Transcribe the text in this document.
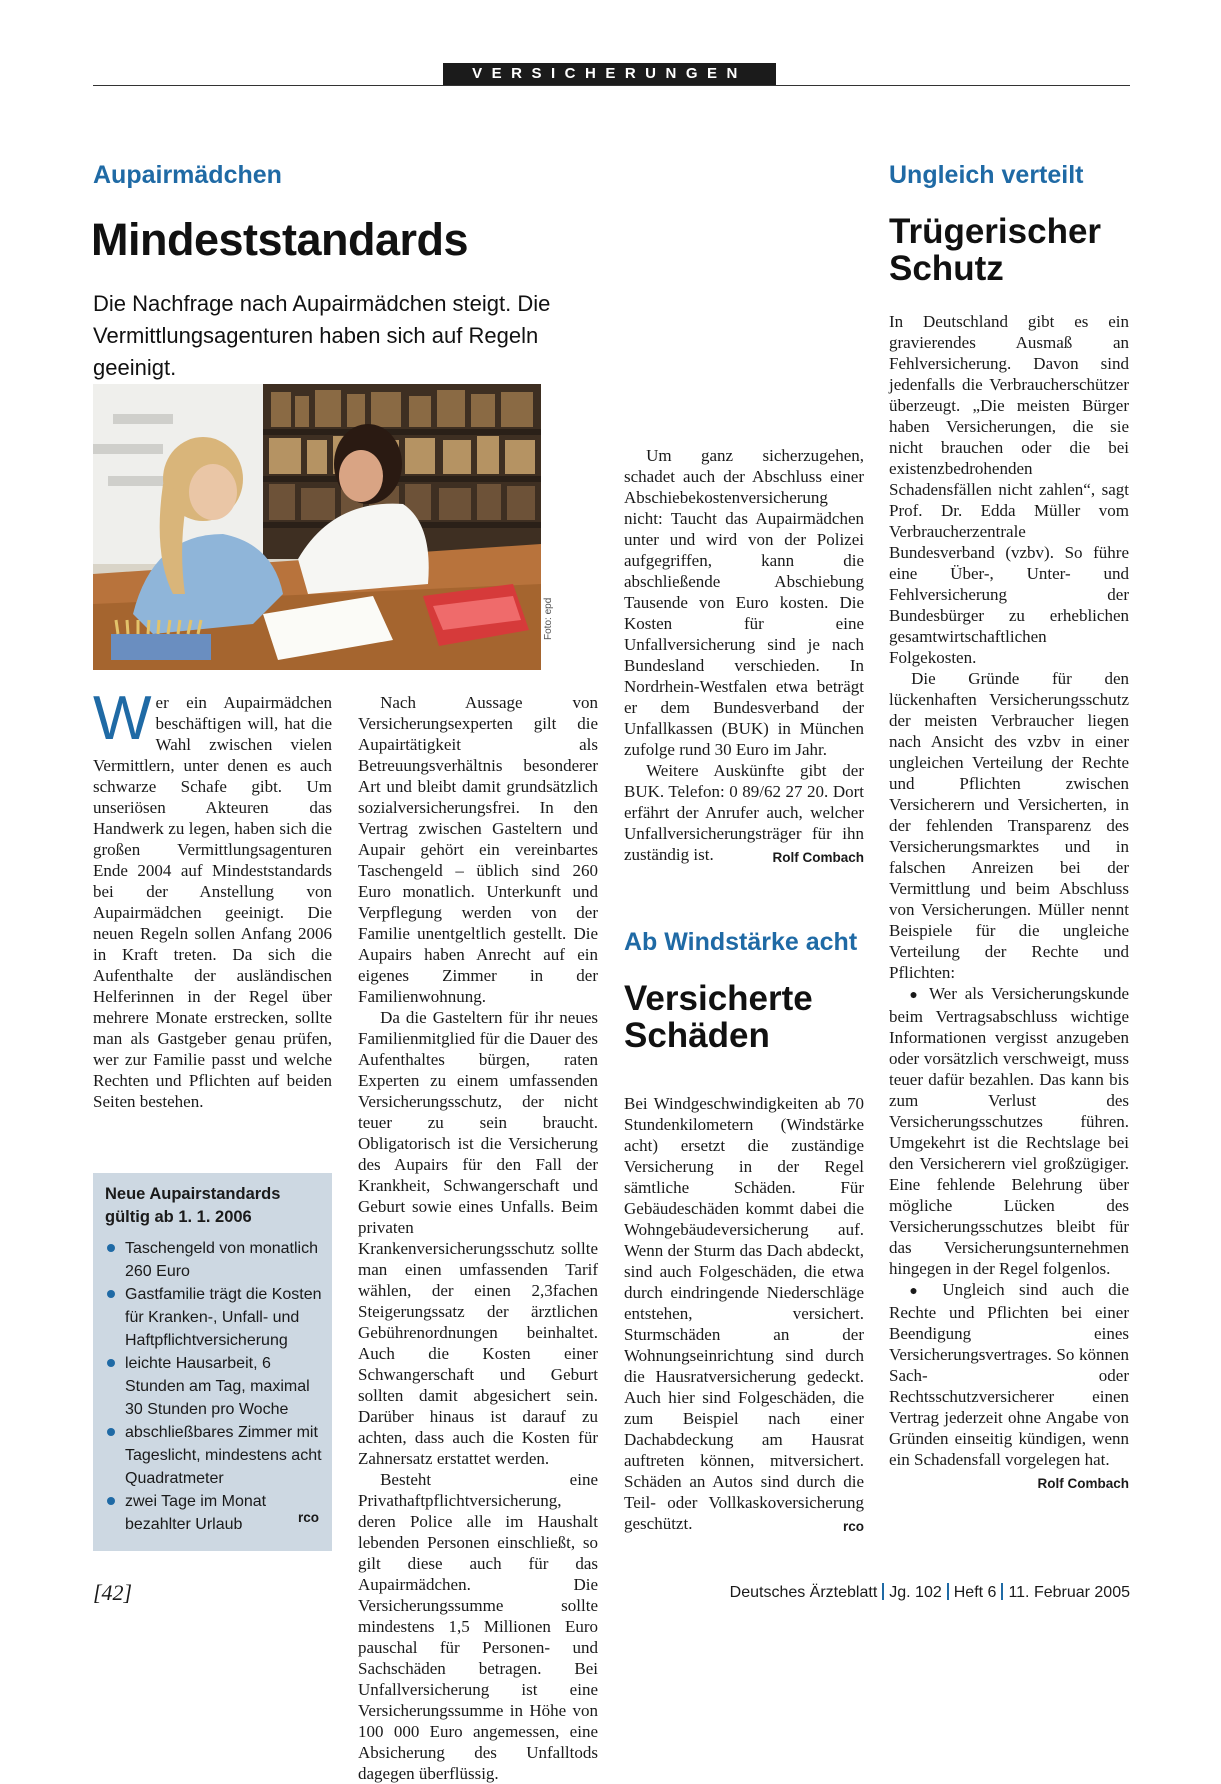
VERSICHERUNGEN
Aupairmädchen
Mindeststandards
Die Nachfrage nach Aupairmädchen steigt. Die Vermittlungsagenturen haben sich auf Regeln geeinigt.
Foto: epd

Wer ein Aupairmädchen beschäftigen will, hat die Wahl zwischen vielen Vermittlern, unter denen es auch schwarze Schafe gibt. Um unseriösen Akteuren das Handwerk zu legen, haben sich die großen Vermittlungsagenturen Ende 2004 auf Mindeststandards bei der Anstellung von Aupairmädchen geeinigt. Die neuen Regeln sollen Anfang 2006 in Kraft treten. Da sich die Aufenthalte der ausländischen Helferinnen in der Regel über mehrere Monate erstrecken, sollte man als Gastgeber genau prüfen, wer zur Familie passt und welche Rechten und Pflichten auf beiden Seiten bestehen.

Neue Aupairstandards gültig ab 1. 1. 2006
Taschengeld von monatlich 260 Euro
Gastfamilie trägt die Kosten für Kranken-, Unfall- und Haftpflichtversicherung
leichte Hausarbeit, 6 Stunden am Tag, maximal 30 Stunden pro Woche
abschließbares Zimmer mit Tageslicht, mindestens acht Quadratmeter
zwei Tage im Monat bezahlter Urlaub	rco

Nach Aussage von Versicherungsexperten gilt die Aupairtätigkeit als Betreuungsverhältnis besonderer Art und bleibt damit grundsätzlich sozialversicherungsfrei. In den Vertrag zwischen Gasteltern und Aupair gehört ein vereinbartes Taschengeld – üblich sind 260 Euro monatlich. Unterkunft und Verpflegung werden von der Familie unentgeltlich gestellt. Die Aupairs haben Anrecht auf ein eigenes Zimmer in der Familienwohnung.

Da die Gasteltern für ihr neues Familienmitglied für die Dauer des Aufenthaltes bürgen, raten Experten zu einem umfassenden Versicherungsschutz, der nicht teuer zu sein braucht. Obligatorisch ist die Versicherung des Aupairs für den Fall der Krankheit, Schwangerschaft und Geburt sowie eines Unfalls. Beim privaten Krankenversicherungsschutz sollte man einen umfassenden Tarif wählen, der einen 2,3fachen Steigerungssatz der ärztlichen Gebührenordnungen beinhaltet. Auch die Kosten einer Schwangerschaft und Geburt sollten damit abgesichert sein. Darüber hinaus ist darauf zu achten, dass auch die Kosten für Zahnersatz erstattet werden.

Besteht eine Privathaftpflichtversicherung, deren Police alle im Haushalt lebenden Personen einschließt, so gilt diese auch für das Aupairmädchen. Die Versicherungssumme sollte mindestens 1,5 Millionen Euro pauschal für Personen- und Sachschäden betragen. Bei Unfallversicherung ist eine Versicherungssumme in Höhe von 100 000 Euro angemessen, eine Absicherung des Unfalltods dagegen überflüssig.

Um ganz sicherzugehen, schadet auch der Abschluss einer Abschiebekostenversicherung nicht: Taucht das Aupairmädchen unter und wird von der Polizei aufgegriffen, kann die abschließende Abschiebung Tausende von Euro kosten. Die Kosten für eine Unfallversicherung sind je nach Bundesland verschieden. In Nordrhein-Westfalen etwa beträgt er dem Bundesverband der Unfallkassen (BUK) in München zufolge rund 30 Euro im Jahr.

Weitere Auskünfte gibt der BUK. Telefon: 0 89/62 27 20. Dort erfährt der Anrufer auch, welcher Unfallversicherungsträger für ihn zuständig ist.	Rolf Combach

Ab Windstärke acht
Versicherte Schäden

Bei Windgeschwindigkeiten ab 70 Stundenkilometern (Windstärke acht) ersetzt die zuständige Versicherung in der Regel sämtliche Schäden. Für Gebäudeschäden kommt dabei die Wohngebäudeversicherung auf. Wenn der Sturm das Dach abdeckt, sind auch Folgeschäden, die etwa durch eindringende Niederschläge entstehen, versichert. Sturmschäden an der Wohnungseinrichtung sind durch die Hausratversicherung gedeckt. Auch hier sind Folgeschäden, die zum Beispiel nach einer Dachabdeckung am Hausrat auftreten können, mitversichert. Schäden an Autos sind durch die Teil- oder Vollkaskoversicherung geschützt.	rco

Ungleich verteilt
Trügerischer Schutz

In Deutschland gibt es ein gravierendes Ausmaß an Fehlversicherung. Davon sind jedenfalls die Verbraucherschützer überzeugt. „Die meisten Bürger haben Versicherungen, die sie nicht brauchen oder die bei existenzbedrohenden Schadensfällen nicht zahlen“, sagt Prof. Dr. Edda Müller vom Verbraucherzentrale Bundesverband (vzbv). So führe eine Über-, Unter- und Fehlversicherung der Bundesbürger zu erheblichen gesamtwirtschaftlichen Folgekosten.

Die Gründe für den lückenhaften Versicherungsschutz der meisten Verbraucher liegen nach Ansicht des vzbv in einer ungleichen Verteilung der Rechte und Pflichten zwischen Versicherern und Versicherten, in der fehlenden Transparenz des Versicherungsmarktes und in falschen Anreizen bei der Vermittlung und beim Abschluss von Versicherungen. Müller nennt Beispiele für die ungleiche Verteilung der Rechte und Pflichten:

● Wer als Versicherungskunde beim Vertragsabschluss wichtige Informationen vergisst anzugeben oder vorsätzlich verschweigt, muss teuer dafür bezahlen. Das kann bis zum Verlust des Versicherungsschutzes führen. Umgekehrt ist die Rechtslage bei den Versicherern viel großzügiger. Eine fehlende Belehrung über mögliche Lücken des Versicherungsschutzes bleibt für das Versicherungsunternehmen hingegen in der Regel folgenlos.

● Ungleich sind auch die Rechte und Pflichten bei einer Beendigung eines Versicherungsvertrages. So können Sach- oder Rechtsschutzversicherer einen Vertrag jederzeit ohne Angabe von Gründen einseitig kündigen, wenn ein Schadensfall vorgelegen hat.
Rolf Combach

[42]	Deutsches Ärzteblatt Jg. 102 Heft 6 11. Februar 2005
